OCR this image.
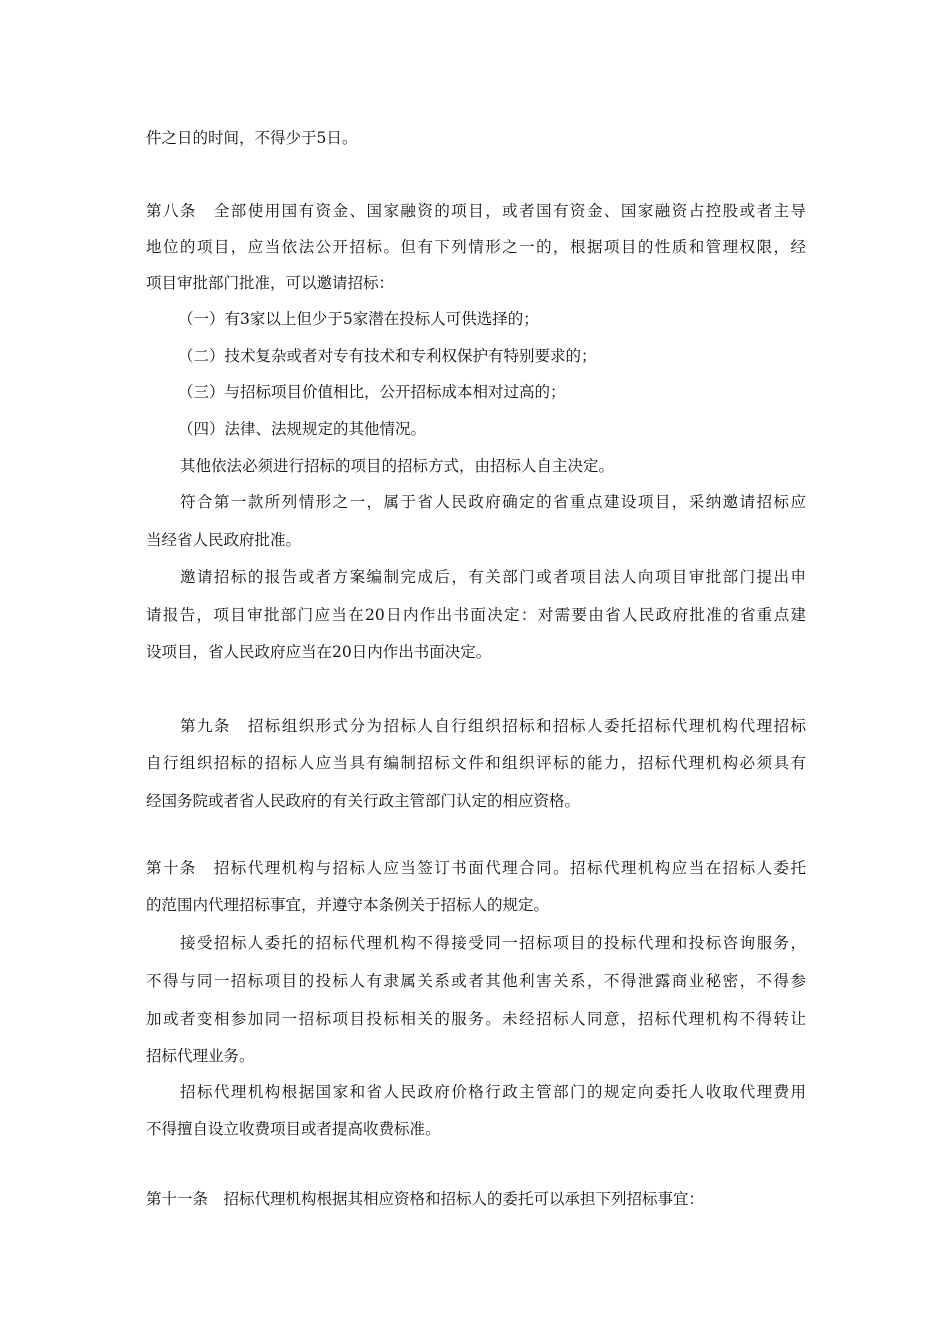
件之日的时间，不得少于5日。
第八条　全部使用国有资金、国家融资的项目，或者国有资金、国家融资占控股或者主导
地位的项目，应当依法公开招标。但有下列情形之一的，根据项目的性质和管理权限，经
项目审批部门批准，可以邀请招标：
（一）有3家以上但少于5家潜在投标人可供选择的；
（二）技术复杂或者对专有技术和专利权保护有特别要求的；
（三）与招标项目价值相比，公开招标成本相对过高的；
（四）法律、法规规定的其他情况。
其他依法必须进行招标的项目的招标方式，由招标人自主决定。
符合第一款所列情形之一，属于省人民政府确定的省重点建设项目，采纳邀请招标应
当经省人民政府批准。
邀请招标的报告或者方案编制完成后，有关部门或者项目法人向项目审批部门提出申
请报告，项目审批部门应当在20日内作出书面决定：对需要由省人民政府批准的省重点建
设项目，省人民政府应当在20日内作出书面决定。
第九条　招标组织形式分为招标人自行组织招标和招标人委托招标代理机构代理招标
自行组织招标的招标人应当具有编制招标文件和组织评标的能力，招标代理机构必须具有
经国务院或者省人民政府的有关行政主管部门认定的相应资格。
第十条　招标代理机构与招标人应当签订书面代理合同。招标代理机构应当在招标人委托
的范围内代理招标事宜，并遵守本条例关于招标人的规定。
接受招标人委托的招标代理机构不得接受同一招标项目的投标代理和投标咨询服务，
不得与同一招标项目的投标人有隶属关系或者其他利害关系，不得泄露商业秘密，不得参
加或者变相参加同一招标项目投标相关的服务。未经招标人同意，招标代理机构不得转让
招标代理业务。
招标代理机构根据国家和省人民政府价格行政主管部门的规定向委托人收取代理费用
不得擅自设立收费项目或者提高收费标准。
第十一条　招标代理机构根据其相应资格和招标人的委托可以承担下列招标事宜：
